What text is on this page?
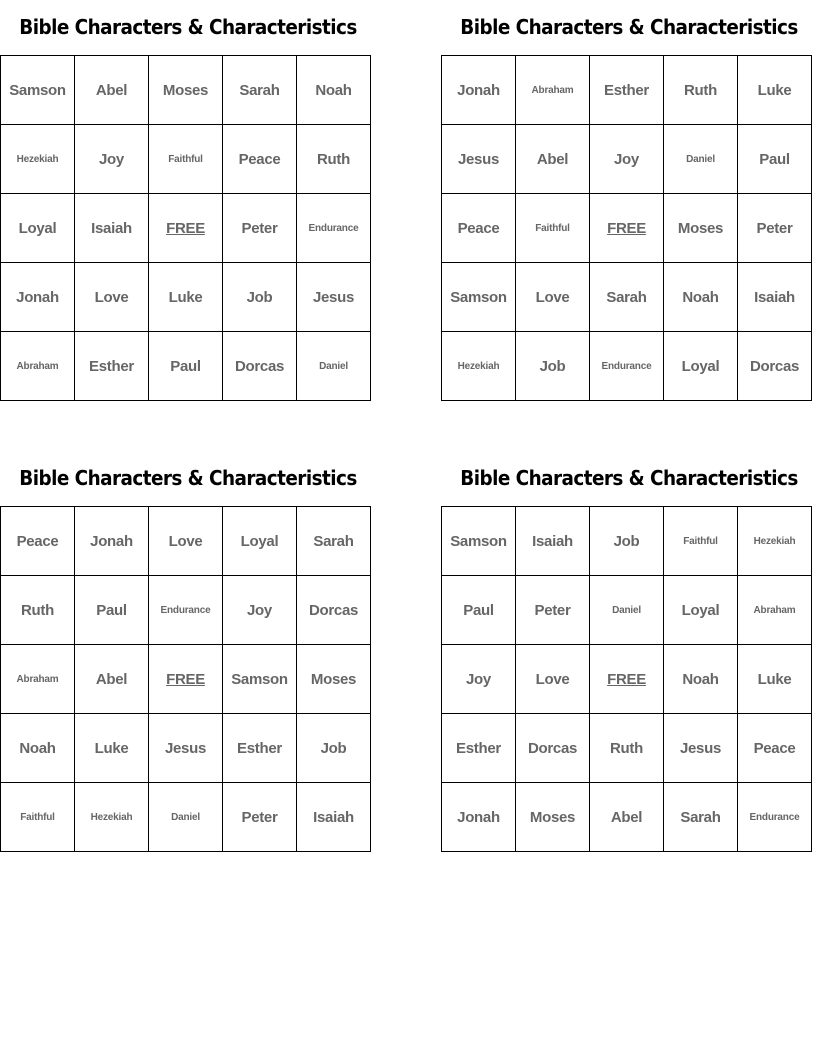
Bible Characters & Characteristics
Samson	Abel	Moses	Sarah	Noah
Hezekiah	Joy	Faithful	Peace	Ruth
Loyal	Isaiah	FREE	Peter	Endurance
Jonah	Love	Luke	Job	Jesus
Abraham	Esther	Paul	Dorcas	Daniel
Bible Characters & Characteristics
Jonah	Abraham	Esther	Ruth	Luke
Jesus	Abel	Joy	Daniel	Paul
Peace	Faithful	FREE	Moses	Peter
Samson	Love	Sarah	Noah	Isaiah
Hezekiah	Job	Endurance	Loyal	Dorcas
Bible Characters & Characteristics
Peace	Jonah	Love	Loyal	Sarah
Ruth	Paul	Endurance	Joy	Dorcas
Abraham	Abel	FREE	Samson	Moses
Noah	Luke	Jesus	Esther	Job
Faithful	Hezekiah	Daniel	Peter	Isaiah
Bible Characters & Characteristics
Samson	Isaiah	Job	Faithful	Hezekiah
Paul	Peter	Daniel	Loyal	Abraham
Joy	Love	FREE	Noah	Luke
Esther	Dorcas	Ruth	Jesus	Peace
Jonah	Moses	Abel	Sarah	Endurance
